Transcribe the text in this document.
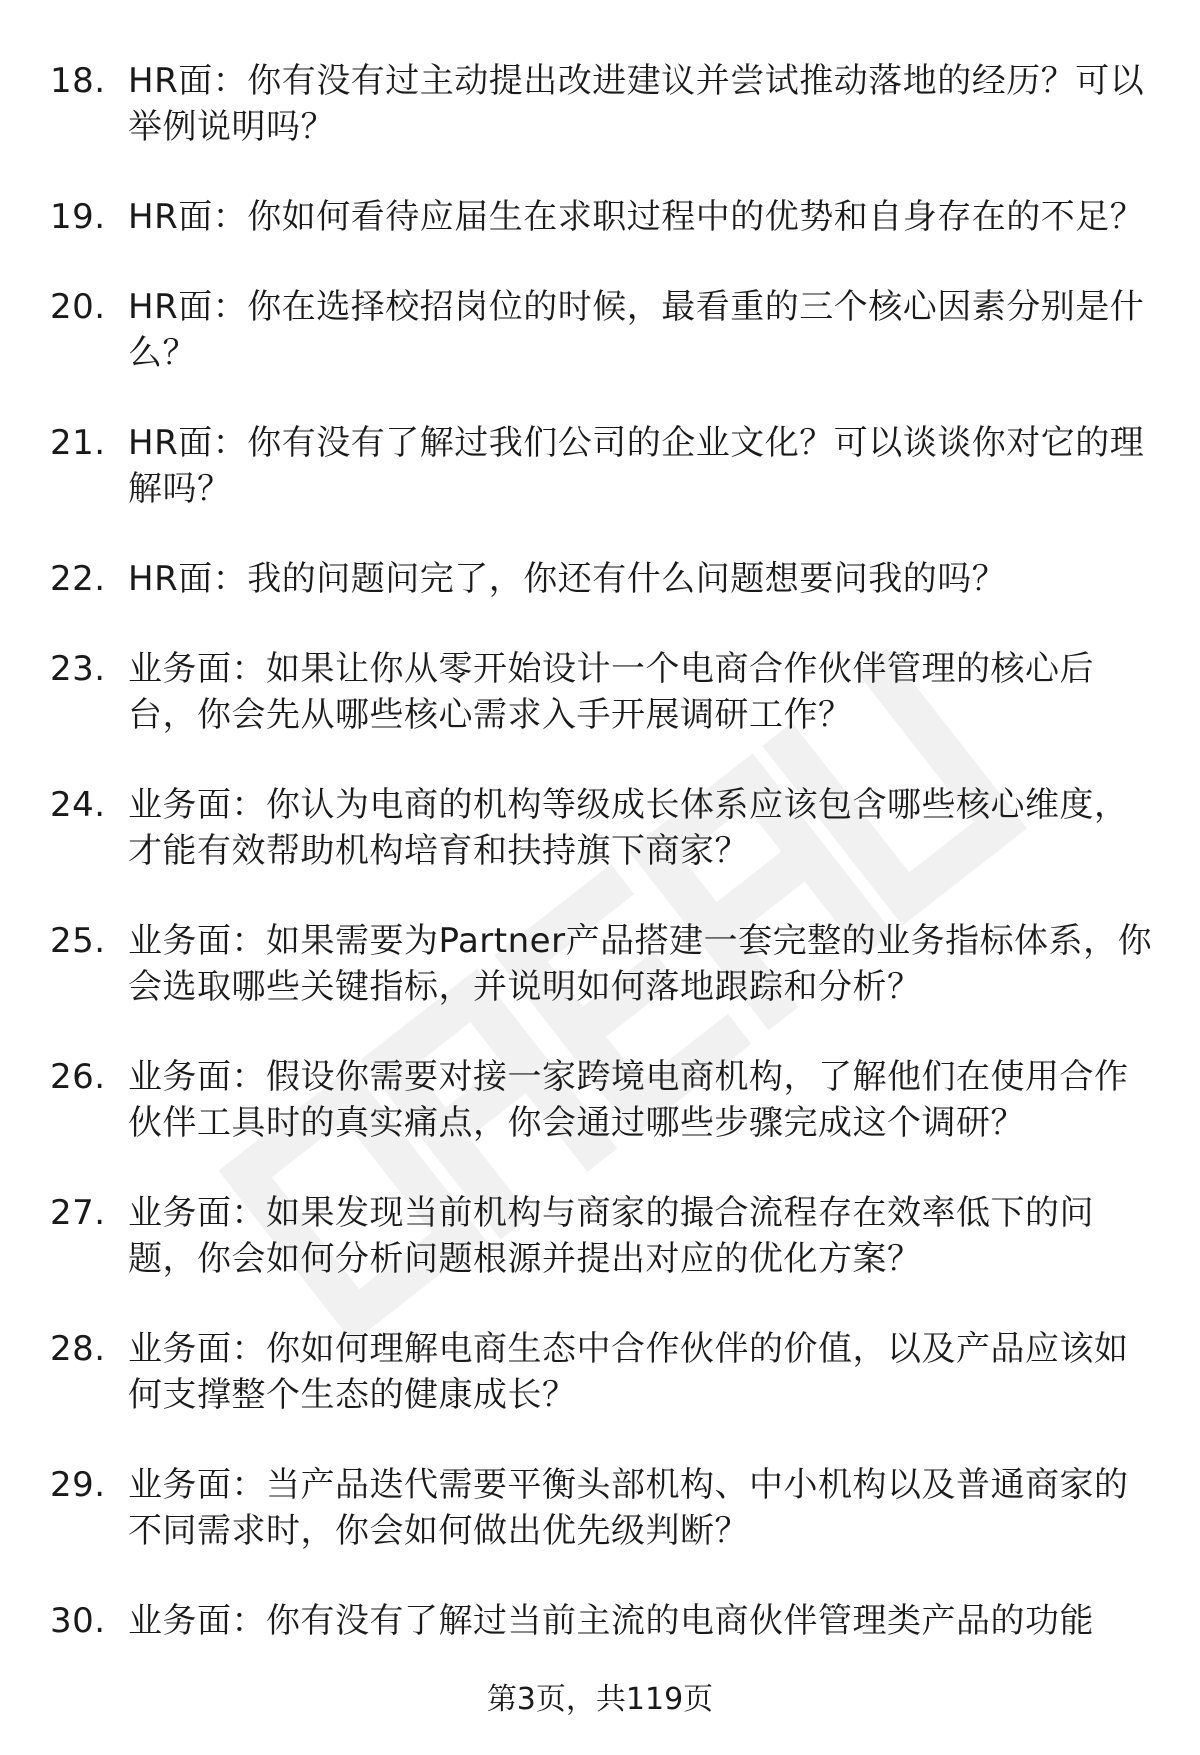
18. HR面：你有没有过主动提出改进建议并尝试推动落地的经历？可以举例说明吗？
19. HR面：你如何看待应届生在求职过程中的优势和自身存在的不足？
20. HR面：你在选择校招岗位的时候，最看重的三个核心因素分别是什么？
21. HR面：你有没有了解过我们公司的企业文化？可以谈谈你对它的理解吗？
22. HR面：我的问题问完了，你还有什么问题想要问我的吗？
23. 业务面：如果让你从零开始设计一个电商合作伙伴管理的核心后台，你会先从哪些核心需求入手开展调研工作？
24. 业务面：你认为电商的机构等级成长体系应该包含哪些核心维度，才能有效帮助机构培育和扶持旗下商家？
25. 业务面：如果需要为Partner产品搭建一套完整的业务指标体系，你会选取哪些关键指标，并说明如何落地跟踪和分析？
26. 业务面：假设你需要对接一家跨境电商机构，了解他们在使用合作伙伴工具时的真实痛点，你会通过哪些步骤完成这个调研？
27. 业务面：如果发现当前机构与商家的撮合流程存在效率低下的问题，你会如何分析问题根源并提出对应的优化方案？
28. 业务面：你如何理解电商生态中合作伙伴的价值，以及产品应该如何支撑整个生态的健康成长？
29. 业务面：当产品迭代需要平衡头部机构、中小机构以及普通商家的不同需求时，你会如何做出优先级判断？
30. 业务面：你有没有了解过当前主流的电商伙伴管理类产品的功能
第3页，共119页
